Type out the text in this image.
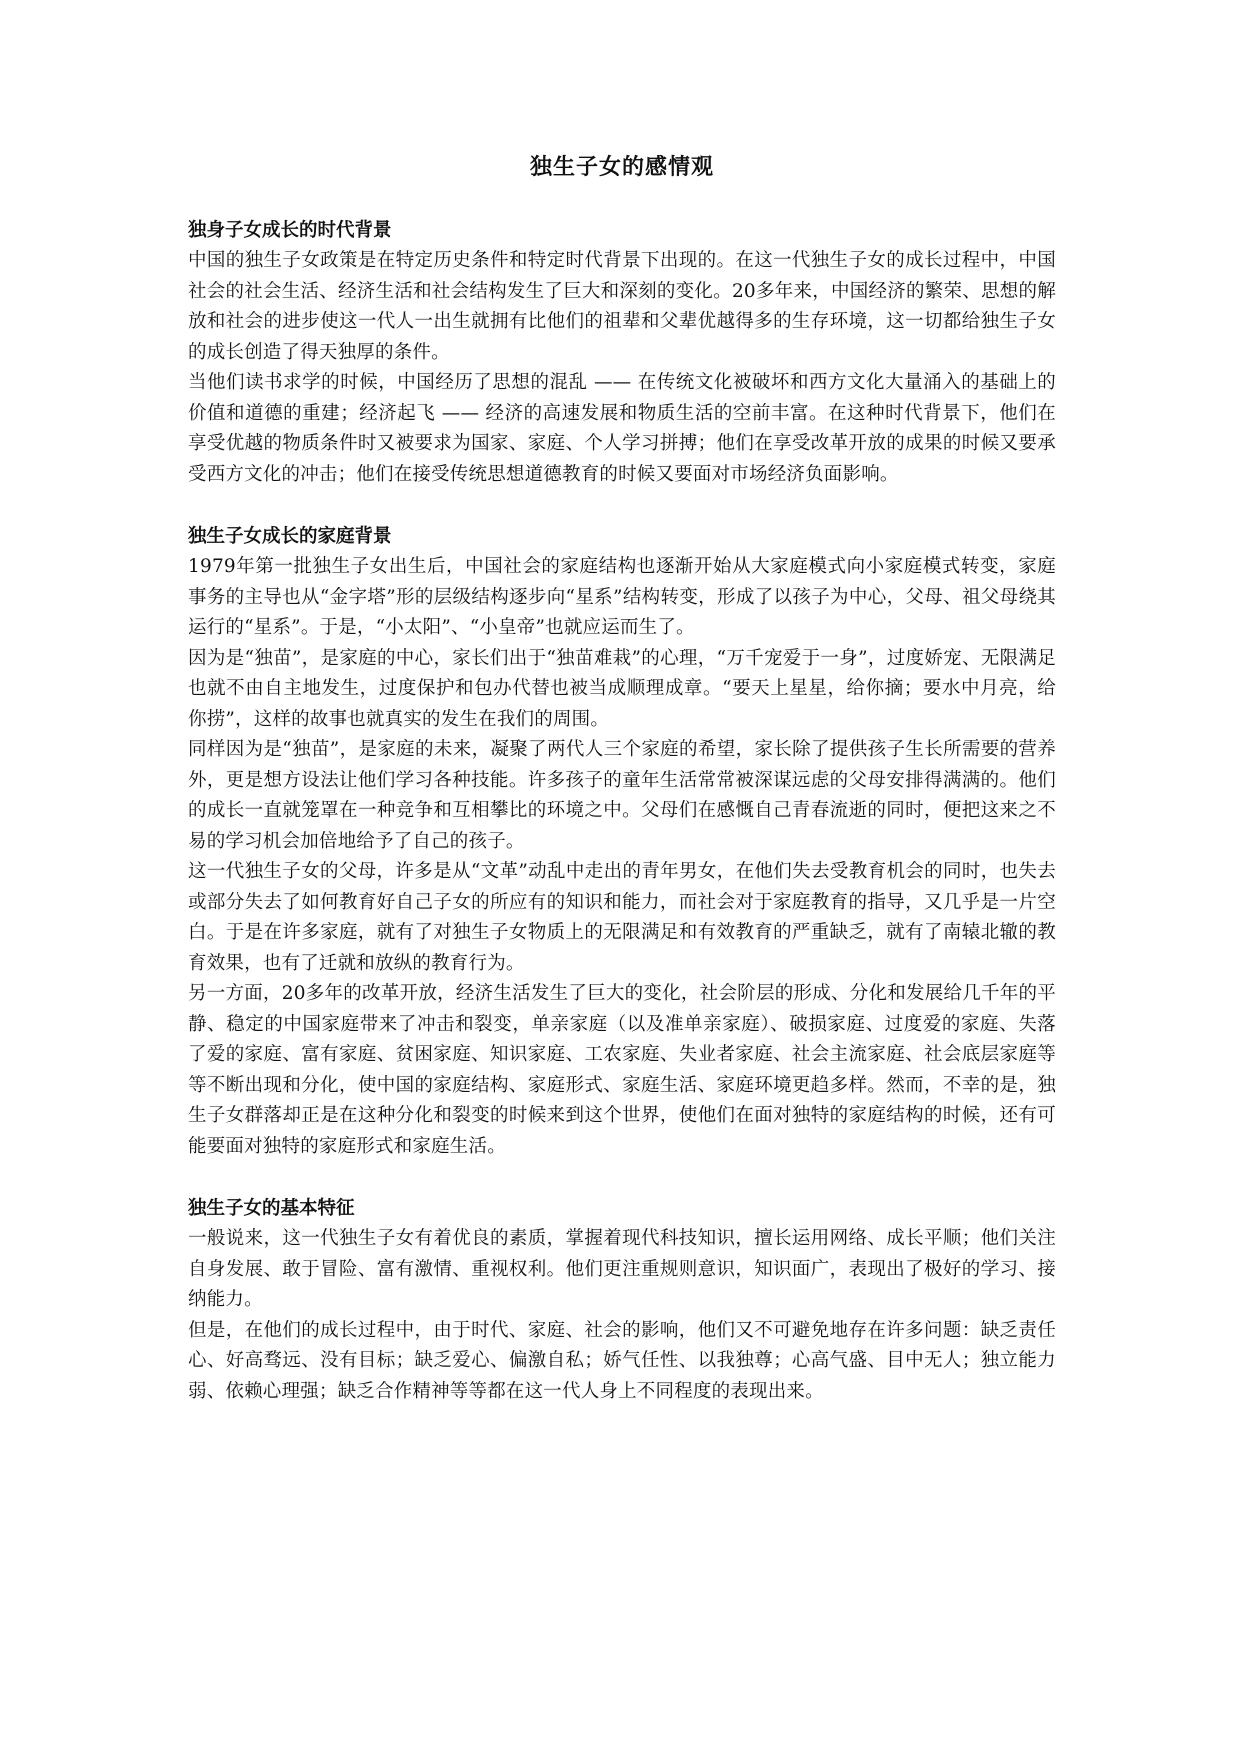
独生子女的感情观
独身子女成长的时代背景

中国的独生子女政策是在特定历史条件和特定时代背景下出现的。在这一代独生子女的成长过程中，中国社会的社会生活、经济生活和社会结构发生了巨大和深刻的变化。20多年来，中国经济的繁荣、思想的解放和社会的进步使这一代人一出生就拥有比他们的祖辈和父辈优越得多的生存环境，这一切都给独生子女的成长创造了得天独厚的条件。

当他们读书求学的时候，中国经历了思想的混乱 —— 在传统文化被破坏和西方文化大量涌入的基础上的价值和道德的重建；经济起飞 —— 经济的高速发展和物质生活的空前丰富。在这种时代背景下，他们在享受优越的物质条件时又被要求为国家、家庭、个人学习拼搏；他们在享受改革开放的成果的时候又要承受西方文化的冲击；他们在接受传统思想道德教育的时候又要面对市场经济负面影响。

独生子女成长的家庭背景

1979年第一批独生子女出生后，中国社会的家庭结构也逐渐开始从大家庭模式向小家庭模式转变，家庭事务的主导也从“金字塔”形的层级结构逐步向“星系”结构转变，形成了以孩子为中心，父母、祖父母绕其运行的“星系”。于是，“小太阳”、“小皇帝”也就应运而生了。

因为是“独苗”，是家庭的中心，家长们出于“独苗难栽”的心理，“万千宠爱于一身”，过度娇宠、无限满足也就不由自主地发生，过度保护和包办代替也被当成顺理成章。“要天上星星，给你摘；要水中月亮，给你捞”，这样的故事也就真实的发生在我们的周围。

同样因为是“独苗”，是家庭的未来，凝聚了两代人三个家庭的希望，家长除了提供孩子生长所需要的营养外，更是想方设法让他们学习各种技能。许多孩子的童年生活常常被深谋远虑的父母安排得满满的。他们的成长一直就笼罩在一种竞争和互相攀比的环境之中。父母们在感慨自己青春流逝的同时，便把这来之不易的学习机会加倍地给予了自己的孩子。

这一代独生子女的父母，许多是从“文革”动乱中走出的青年男女，在他们失去受教育机会的同时，也失去或部分失去了如何教育好自己子女的所应有的知识和能力，而社会对于家庭教育的指导，又几乎是一片空白。于是在许多家庭，就有了对独生子女物质上的无限满足和有效教育的严重缺乏，就有了南辕北辙的教育效果，也有了迁就和放纵的教育行为。

另一方面，20多年的改革开放，经济生活发生了巨大的变化，社会阶层的形成、分化和发展给几千年的平静、稳定的中国家庭带来了冲击和裂变，单亲家庭（以及准单亲家庭）、破损家庭、过度爱的家庭、失落了爱的家庭、富有家庭、贫困家庭、知识家庭、工农家庭、失业者家庭、社会主流家庭、社会底层家庭等等不断出现和分化，使中国的家庭结构、家庭形式、家庭生活、家庭环境更趋多样。然而，不幸的是，独生子女群落却正是在这种分化和裂变的时候来到这个世界，使他们在面对独特的家庭结构的时候，还有可能要面对独特的家庭形式和家庭生活。

独生子女的基本特征

一般说来，这一代独生子女有着优良的素质，掌握着现代科技知识，擅长运用网络、成长平顺；他们关注自身发展、敢于冒险、富有激情、重视权利。他们更注重规则意识，知识面广，表现出了极好的学习、接纳能力。

但是，在他们的成长过程中，由于时代、家庭、社会的影响，他们又不可避免地存在许多问题：缺乏责任心、好高骛远、没有目标；缺乏爱心、偏激自私；娇气任性、以我独尊；心高气盛、目中无人；独立能力弱、依赖心理强；缺乏合作精神等等都在这一代人身上不同程度的表现出来。
